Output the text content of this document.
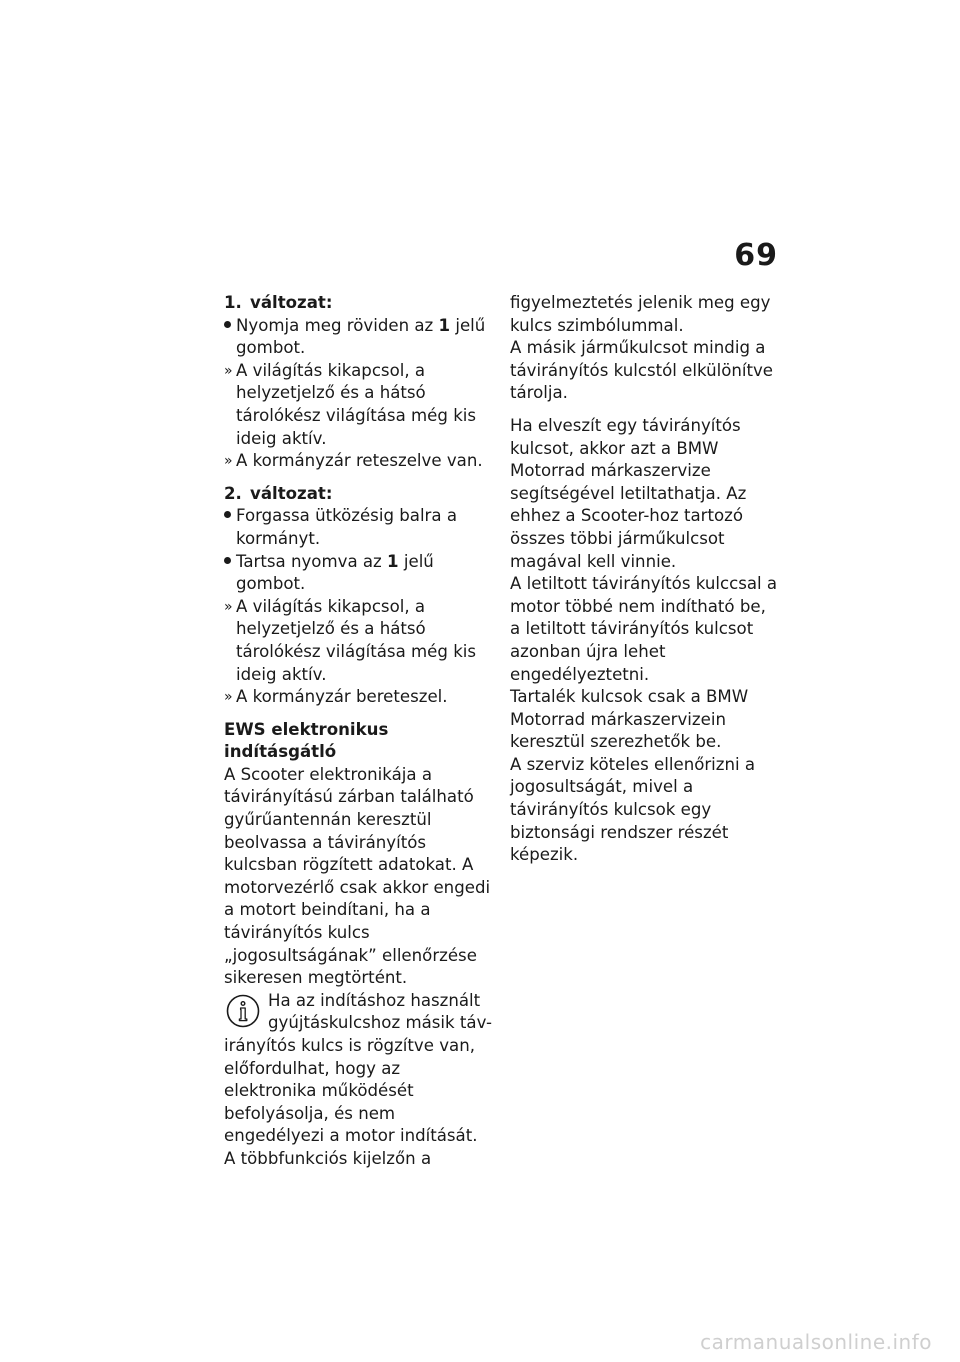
69

1. változat:

Nyomja meg röviden az 1 jelű gombot.
» A világítás kikapcsol, a helyzetjelző és a hátsó tárolókész világítása még kis ideig aktív.
» A kormányzár reteszelve van.

2. változat:

Forgassa ütközésig balra a kormányt.
Tartsa nyomva az 1 jelű gombot.
» A világítás kikapcsol, a helyzetjelző és a hátsó tárolókész világítása még kis ideig aktív.
» A kormányzár bereteszel.

EWS elektronikus indításgátló

A Scooter elektronikája a távirányítású zárban található gyűrűantennán keresztül beolvassa a távirányítós kulcsban rögzített adatokat. A motorvezérlő csak akkor engedi a motort beindítani, ha a távirányítós kulcs „jogosultságának” ellenőrzése sikeresen megtörtént.

Ha az indításhoz használt

gyújtáskulcshoz másik táv-

irányítós kulcs is rögzítve van, előfordulhat, hogy az elektronika működését befolyásolja, és nem engedélyezi a motor indítását. A többfunkciós kijelzőn a

figyelmeztetés jelenik meg egy kulcs szimbólummal.

A másik járműkulcsot mindig a távirányítós kulcstól elkülönítve tárolja.

Ha elveszít egy távirányítós kulcsot, akkor azt a BMW Motorrad márkaszervize segítségével letiltathatja. Az ehhez a Scooter-hoz tartozó összes többi járműkulcsot magával kell vinnie.

A letiltott távirányítós kulccsal a motor többé nem indítható be, a letiltott távirányítós kulcsot azonban újra lehet engedélyeztetni.

Tartalék kulcsok csak a BMW Motorrad márkaszervizein keresztül szerezhetők be.

A szerviz köteles ellenőrizni a jogosultságát, mivel a távirányítós kulcsok egy biztonsági rendszer részét képezik.

carmanualsonline.info
